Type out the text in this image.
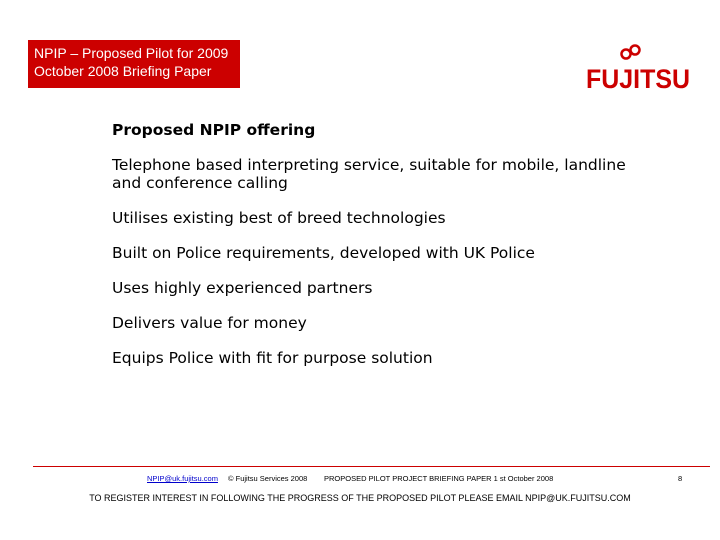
NPIP – Proposed Pilot for 2009
October 2008 Briefing Paper	FUJITSU
Proposed NPIP offering
Telephone based interpreting service, suitable for mobile, landline
and conference calling
Utilises existing best of breed technologies
Built on Police requirements, developed with UK Police
Uses highly experienced partners
Delivers value for money
Equips Police with fit for purpose solution
NPIP@uk.fujitsu.com © Fujitsu Services 2008 PROPOSED PILOT PROJECT BRIEFING PAPER 1 st October 2008	8
TO REGISTER INTEREST IN FOLLOWING THE PROGRESS OF THE PROPOSED PILOT PLEASE EMAIL NPIP@UK.FUJITSU.COM
